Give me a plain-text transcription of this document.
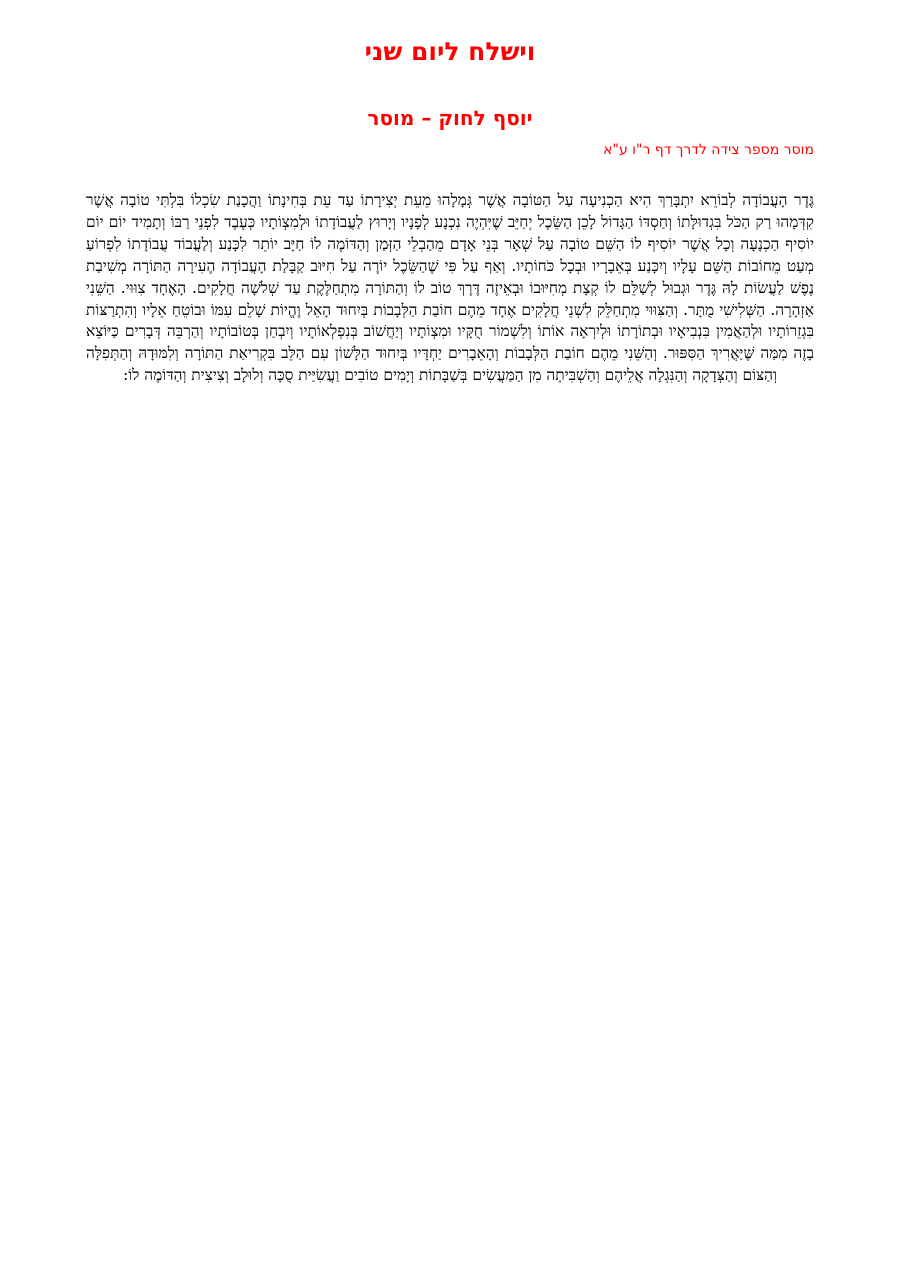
וישלח ליום שני
יוסף לחוק – מוסר
מוסר מספר צידה לדרך דף ר"ו ע"א

גֶּדֶר הָעֲבוֹדָה לְבוֹרֵא יִתְבָּרַךְ הִיא הַכְנִיעָה עַל הַטּוֹבָה אֲשֶׁר גְּמָלָהוּ מֵעֵת יְצִירָתוֹ עַד עֵת בְּחִינָתוֹ וַהֲכָנַת שִׂכְלוֹ בִּלְתִּי טוֹבָה אֲשֶׁר קִדְּמָהוּ רַק הַכֹּל בִּגְדוּלָּתוֹ וְחַסְדּוֹ הַגָּדוֹל לָכֵן הַשֵּׂכֶל יְחַיֵּב שֶׁיִּהְיֶה נִכְנָע לְפָנָיו וְיָרוּץ לַעֲבוֹדָתוֹ וּלְמִצְוֹתָיו כְּעֶבֶד לִפְנֵי רַבּוֹ וְתָמִיד יוֹם יוֹם יוֹסִיף הַכְנָעָה וְכָל אֲשֶׁר יוֹסִיף לוֹ הַשֵּׁם טוֹבָה עַל שְׁאָר בְּנֵי אָדָם מֵהַבְלֵי הַזְּמַן וְהַדּוֹמֶה לוֹ חַיָּב יוֹתֵר לִכָּנַע וְלַעֲבוֹד עֲבוֹדָתוֹ לִפְרוֹעַ מְעַט מֵחוֹבוֹת הַשֵּׁם עָלָיו וְיִכָּנַע בְּאֵבָרָיו וּבְכָל כֹּחוֹתָיו. וְאַף עַל פִּי שֶׁהַשֵּׂכֶל יוֹרֶה עַל חִיּוּב קַבָּלַת הָעֲבוֹדָה הֶעִירָה הַתּוֹרָה מְשִׁיבַת נֶפֶשׁ לַעֲשׂוֹת לָהּ גֶּדֶר וּגְבוּל לְשַׁלֵּם לוֹ קְצָת מְחִיּוּבוֹ וּבְאֵיזֶה דֶּרֶךְ טוֹב לוֹ וְהַתּוֹרָה מִתְחַלֶּקֶת עַד שְׁלֹשָׁה חֲלָקִים. הָאֶחָד צִוּוּי. הַשֵּׁנִי אַזְהָרָה. הַשְּׁלִישִׁי מֻתָּר. וְהַצִּוּוּי מִתְחַלֵּק לִשְׁנֵי חֲלָקִים אֶחָד מֵהֶם חוֹבַת הַלְּבָבוֹת בְּיִחוּד הָאֵל וֶהֱיוֹת שָׁלֵם עִמּוֹ וּבוֹטֵחַ אֵלָיו וְהִתְרַצּוֹת בִּגְזֵרוֹתָיו וּלְהַאֲמִין בִּנְבִיאָיו וּבְתוֹרָתוֹ וּלְיִרְאָה אוֹתוֹ וְלִשְׁמוֹר חֻקָּיו וּמִצְוֹתָיו וְיַחֲשׁוֹב בְּנִפְלְאוֹתָיו וְיִבְחַן בְּטוֹבוֹתָיו וְהַרְבֵּה דְּבָרִים כַּיּוֹצֵא בָזֶה מִמַּה שֶּׁיַּאֲרִיךְ הַסִּפּוּר. וְהַשֵּׁנִי מֵהֶם חוֹבַת הַלְּבָבוֹת וְהָאֵבָרִים יַחְדָּיו בְּיִחוּד הַלָּשׁוֹן עִם הַלֵּב בִּקְרִיאַת הַתּוֹרָה וְלִמּוּדָהּ וְהַתְּפִלָּה וְהַצּוֹם וְהַצְּדָקָה וְהַנִּגְלָה אֲלֵיהֶם וְהַשְׁבִּיתָה מִן הַמַּעֲשִׂים בְּשַׁבָּתוֹת וְיָמִים טוֹבִים וַעֲשִׂיַּית סֻכָּה וְלוּלָב וְצִיצִית וְהַדּוֹמֶה לוֹ:
